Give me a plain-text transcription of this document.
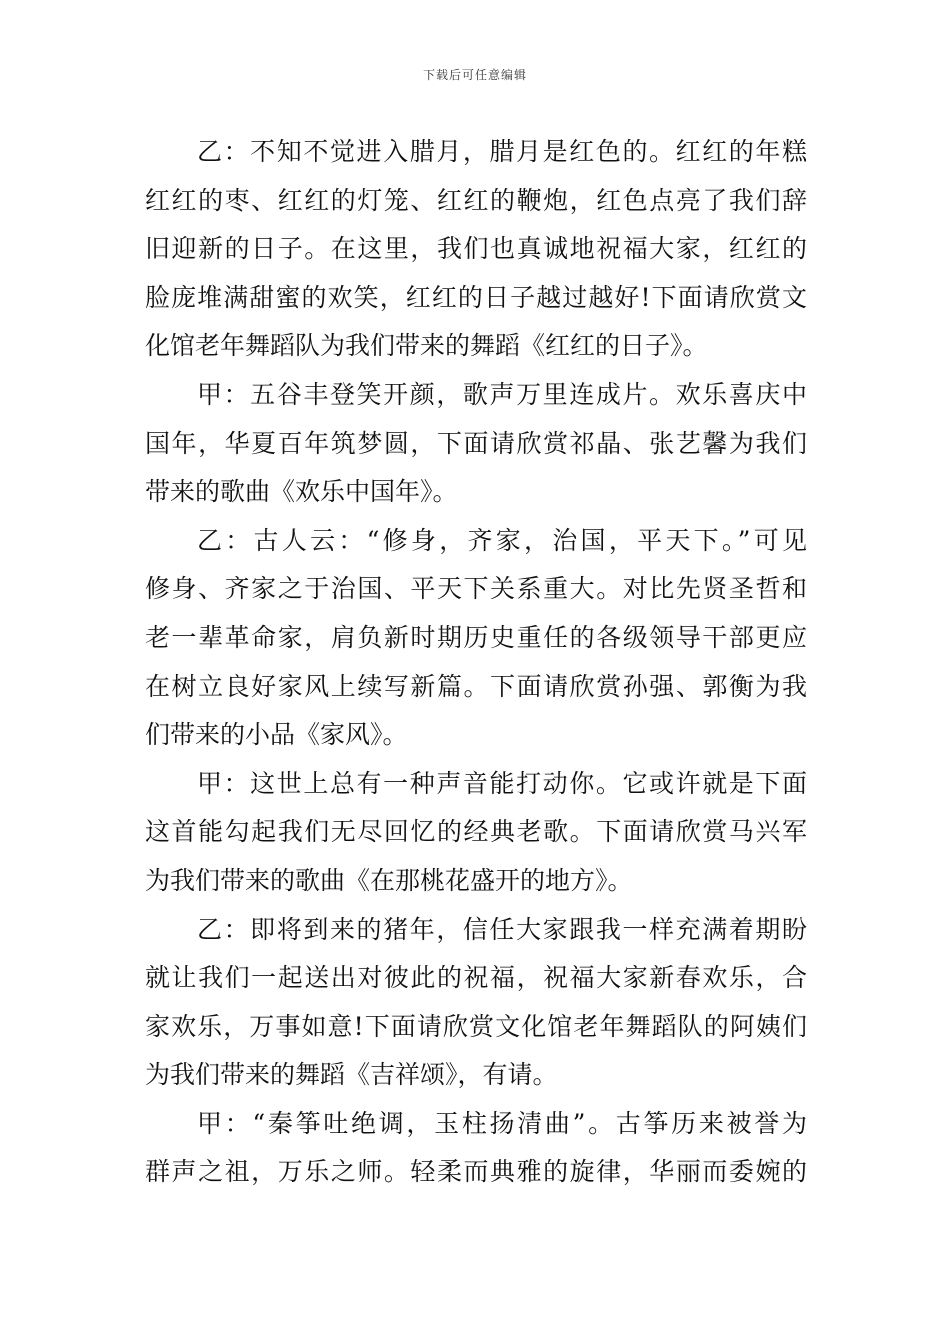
下载后可任意编辑
乙：不知不觉进入腊月，腊月是红色的。红红的年糕
红红的枣、红红的灯笼、红红的鞭炮，红色点亮了我们辞
旧迎新的日子。在这里，我们也真诚地祝福大家，红红的
脸庞堆满甜蜜的欢笑，红红的日子越过越好!下面请欣赏文
化馆老年舞蹈队为我们带来的舞蹈《红红的日子》。
甲：五谷丰登笑开颜，歌声万里连成片。欢乐喜庆中
国年，华夏百年筑梦圆，下面请欣赏祁晶、张艺馨为我们
带来的歌曲《欢乐中国年》。
乙：古人云：“修身，齐家，治国，平天下。”可见
修身、齐家之于治国、平天下关系重大。对比先贤圣哲和
老一辈革命家，肩负新时期历史重任的各级领导干部更应
在树立良好家风上续写新篇。下面请欣赏孙强、郭衡为我
们带来的小品《家风》。
甲：这世上总有一种声音能打动你。它或许就是下面
这首能勾起我们无尽回忆的经典老歌。下面请欣赏马兴军
为我们带来的歌曲《在那桃花盛开的地方》。
乙：即将到来的猪年，信任大家跟我一样充满着期盼
就让我们一起送出对彼此的祝福，祝福大家新春欢乐，合
家欢乐，万事如意!下面请欣赏文化馆老年舞蹈队的阿姨们
为我们带来的舞蹈《吉祥颂》，有请。
甲：“秦筝吐绝调，玉柱扬清曲”。古筝历来被誉为
群声之祖，万乐之师。轻柔而典雅的旋律，华丽而委婉的
